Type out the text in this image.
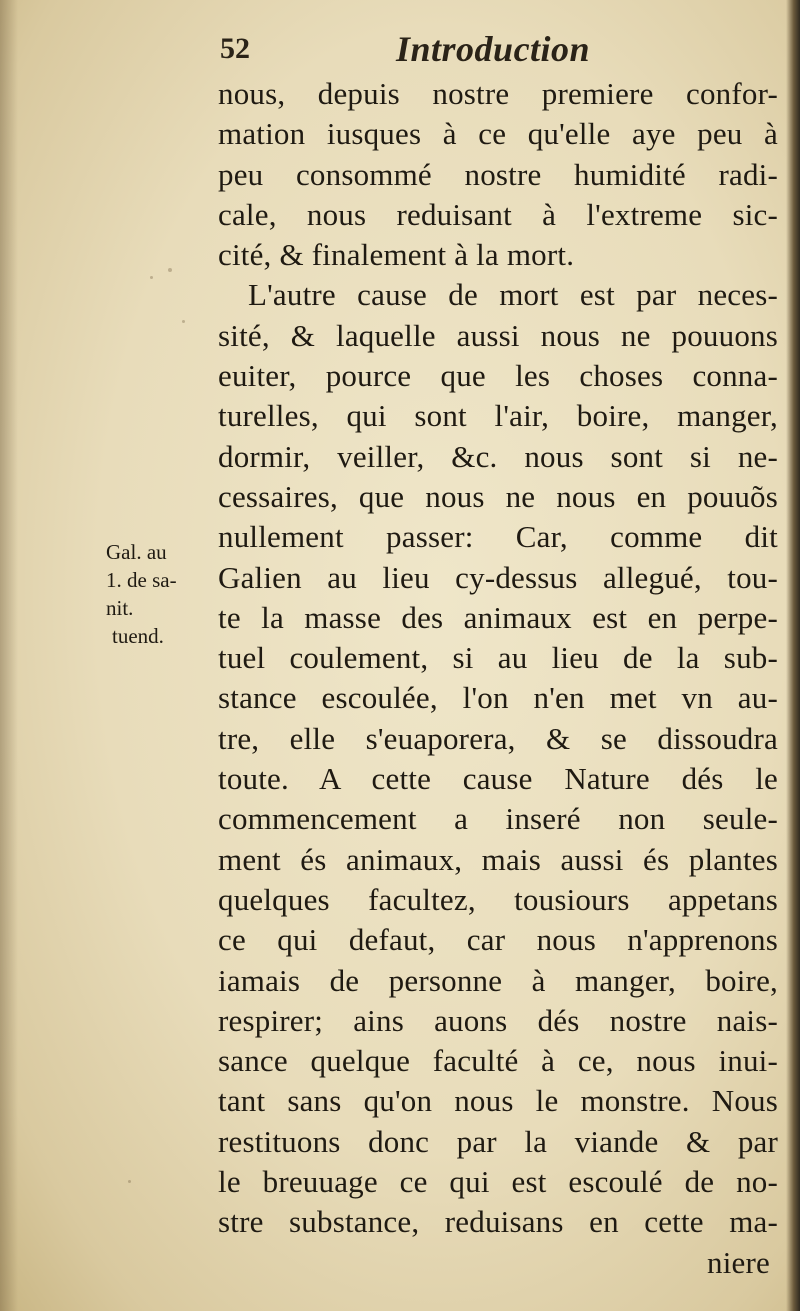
52	Introduction
Gal. au
1. de sa-
nit.
tuend.
nous, depuis nostre premiere confor-
mation iusques à ce qu'elle aye peu à
peu consommé nostre humidité radi-
cale, nous reduisant à l'extreme sic-
cité, & finalement à la mort.
L'autre cause de mort est par neces-
sité, & laquelle aussi nous ne pouuons
euiter, pource que les choses conna-
turelles, qui sont l'air, boire, manger,
dormir, veiller, &c. nous sont si ne-
cessaires, que nous ne nous en pouuõs
nullement passer: Car, comme dit
Galien au lieu cy-dessus allegué, tou-
te la masse des animaux est en perpe-
tuel coulement, si au lieu de la sub-
stance escoulée, l'on n'en met vn au-
tre, elle s'euaporera, & se dissoudra
toute. A cette cause Nature dés le
commencement a inseré non seule-
ment és animaux, mais aussi és plantes
quelques facultez, tousiours appetans
ce qui defaut, car nous n'apprenons
iamais de personne à manger, boire,
respirer; ains auons dés nostre nais-
sance quelque faculté à ce, nous inui-
tant sans qu'on nous le monstre. Nous
restituons donc par la viande & par
le breuuage ce qui est escoulé de no-
stre substance, reduisans en cette ma-
niere
